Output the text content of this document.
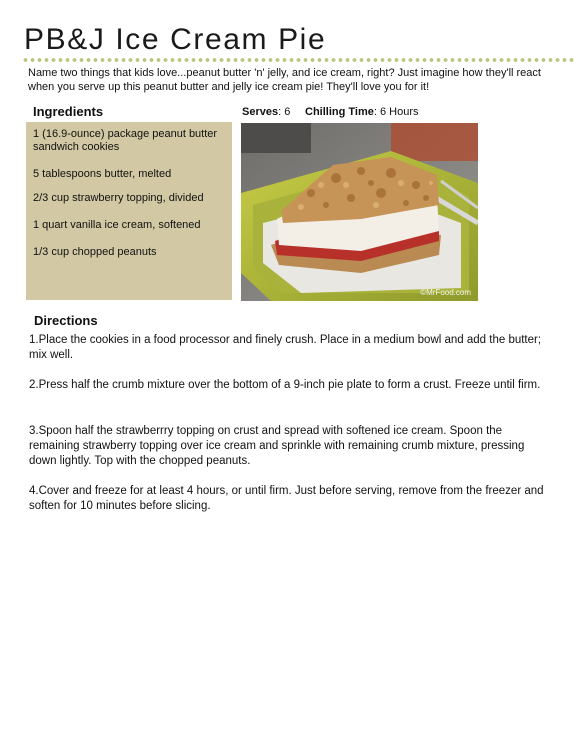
PB&J Ice Cream Pie

Name two things that kids love...peanut butter 'n' jelly, and ice cream, right? Just imagine how they'll react when you serve up this peanut butter and jelly ice cream pie! They'll love you for it!

Ingredients
1 (16.9-ounce) package peanut butter sandwich cookies
5 tablespoons butter, melted
2/3 cup strawberry topping, divided
1 quart vanilla ice cream, softened
1/3 cup chopped peanuts
Serves: 6 Chilling Time: 6 Hours
©MrFood.com
Directions

1.Place the cookies in a food processor and finely crush. Place in a medium bowl and add the butter; mix well.

2.Press half the crumb mixture over the bottom of a 9-inch pie plate to form a crust. Freeze until firm.

3.Spoon half the strawberrry topping on crust and spread with softened ice cream. Spoon the remaining strawberry topping over ice cream and sprinkle with remaining crumb mixture, pressing down lightly. Top with the chopped peanuts.

4.Cover and freeze for at least 4 hours, or until firm. Just before serving, remove from the freezer and soften for 10 minutes before slicing.
